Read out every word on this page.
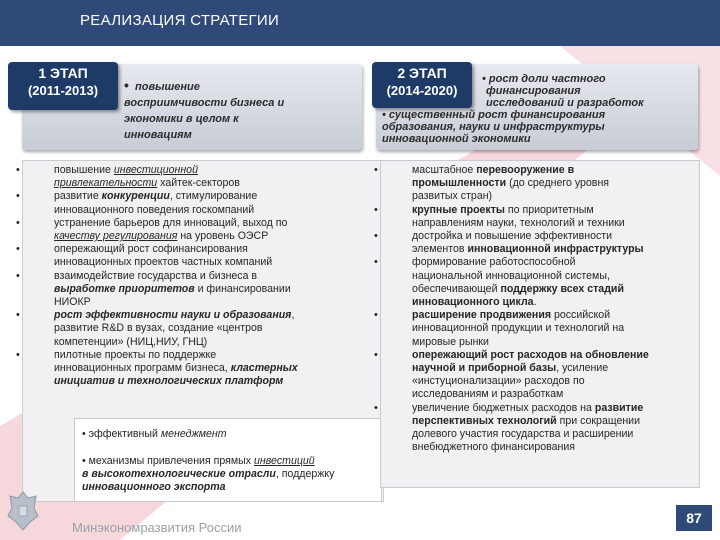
РЕАЛИЗАЦИЯ СТРАТЕГИИ
1 ЭТАП
(2011-2013)	• повышение
восприимчивости бизнеса и
экономики в целом к
инновациям
•	повышение инвестиционной
привлекательности хайтек-секторов
•	развитие конкуренции, стимулирование
инновационного поведения госкомпаний
•	устранение барьеров для инноваций, выход по
качеству регулирования на уровень ОЭСР
•	опережающий рост софинансирования
инновационных проектов частных компаний
•	взаимодействие государства и бизнеса в
выработке приоритетов и финансировании
НИОКР
•	рост эффективности науки и образования,
развитие R&D в вузах, создание «центров
компетенции» (НИЦ,НИУ, ГНЦ)
•	пилотные проекты по поддержке
инновационных программ бизнеса, кластерных
инициатив и технологических платформ
• эффективный менеджмент
• механизмы привлечения прямых инвестиций
в высокотехнологические отрасли, поддержку
инновационного экспорта
2 ЭТАП
(2014-2020)
• рост доли частного
финансирования
исследований и разработок
• существенный рост финансирования
образования, науки и инфраструктуры
инновационной экономики
•	масштабное перевооружение в
промышленности (до среднего уровня
развитых стран)
•	крупные проекты по приоритетным
направлениям науки, технологий и техники
•	достройка и повышение эффективности
элементов инновационной инфраструктуры
•	формирование работоспособной
национальной инновационной системы,
обеспечивающей поддержку всех стадий
инновационного цикла.
•	расширение продвижения российской
инновационной продукции и технологий на
мировые рынки
•	опережающий рост расходов на обновление
научной и приборной базы, усиление
«инстуционализации» расходов по
исследованиям и разработкам
•	увеличение бюджетных расходов на развитие
перспективных технологий при сокращении
долевого участия государства и расширении
внебюджетного финансирования
Минэкономразвития России
87
